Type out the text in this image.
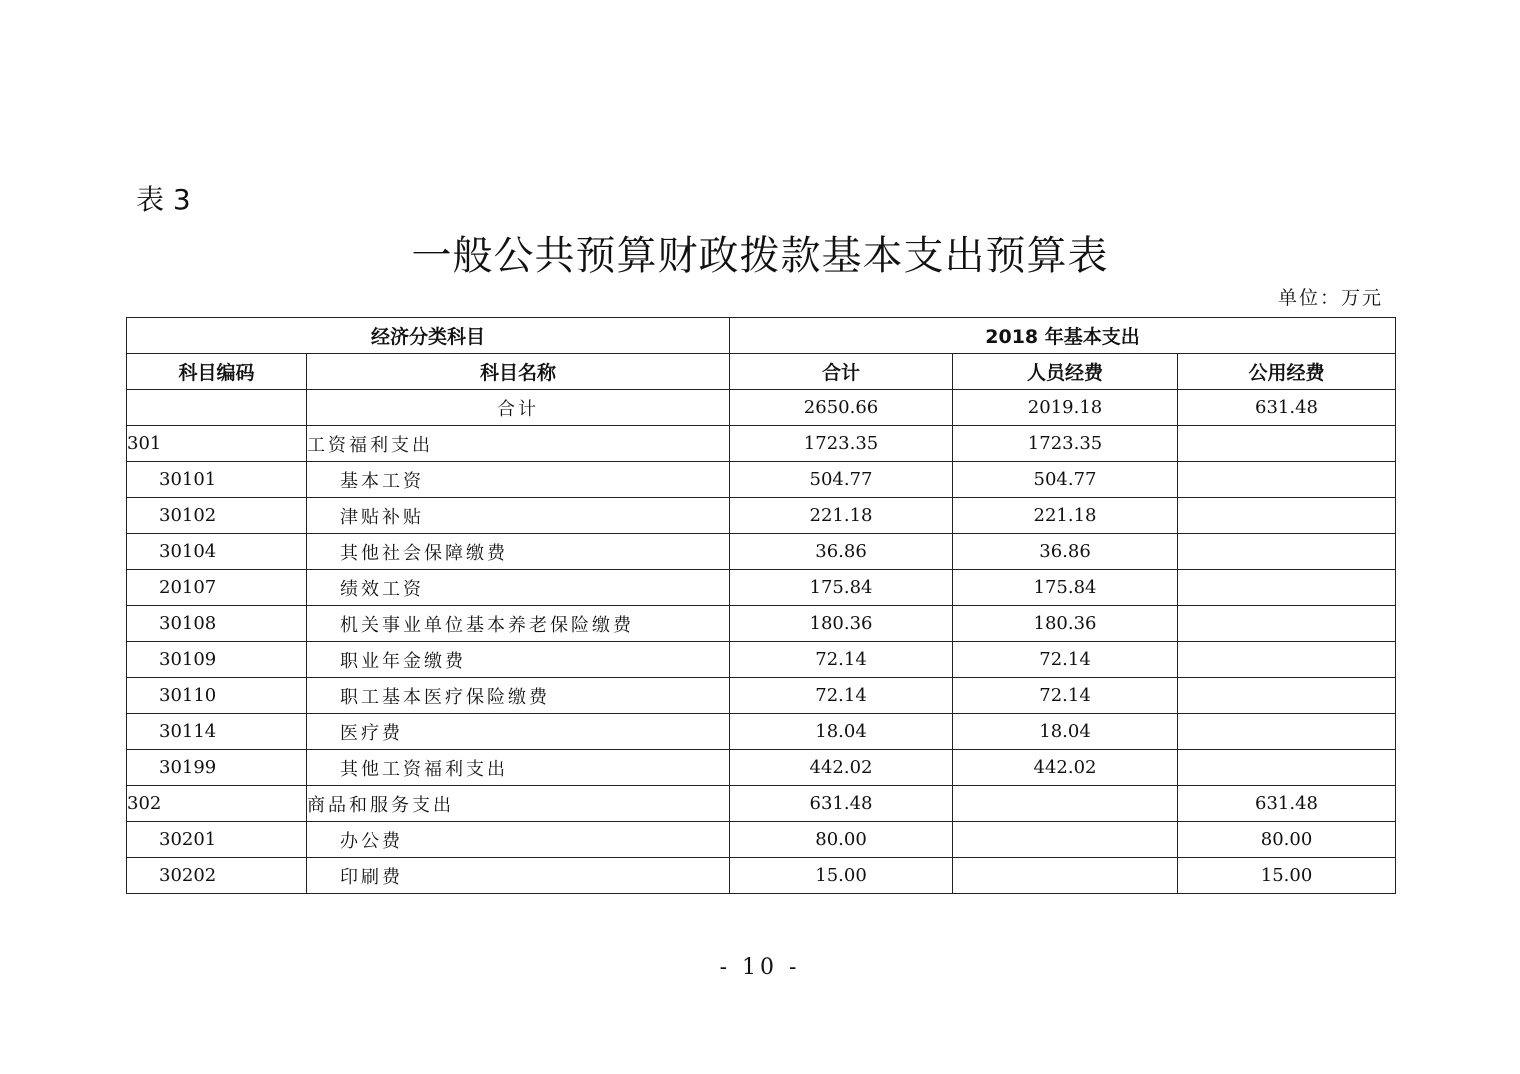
表 3
一般公共预算财政拨款基本支出预算表
单位：万元
经济分类科目		2018 年基本支出		
科目编码	科目名称	合计	人员经费	公用经费
	合计	2650.66	2019.18	631.48
301	工资福利支出	1723.35	1723.35	
30101	基本工资	504.77	504.77	
30102	津贴补贴	221.18	221.18	
30104	其他社会保障缴费	36.86	36.86	
20107	绩效工资	175.84	175.84	
30108	机关事业单位基本养老保险缴费	180.36	180.36	
30109	职业年金缴费	72.14	72.14	
30110	职工基本医疗保险缴费	72.14	72.14	
30114	医疗费	18.04	18.04	
30199	其他工资福利支出	442.02	442.02	
302	商品和服务支出	631.48		631.48
30201	办公费	80.00		80.00
30202	印刷费	15.00		15.00
- 10 -
